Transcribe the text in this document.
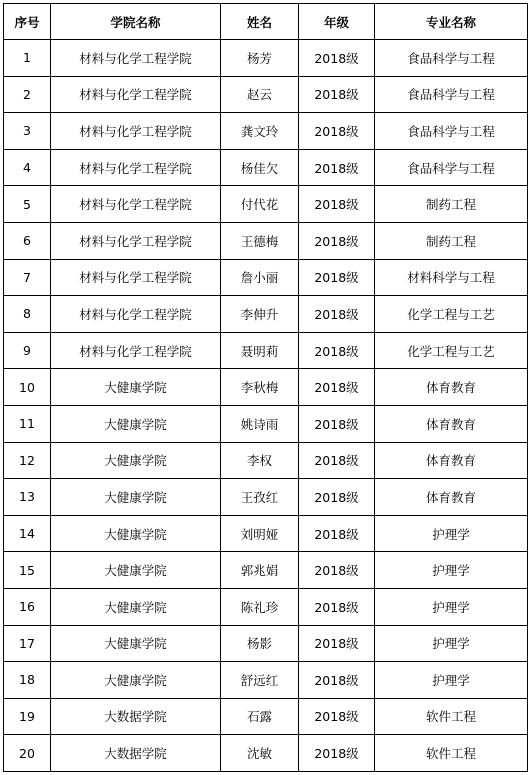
序号	学院名称	姓名	年级	专业名称
1	材料与化学工程学院	杨芳	2018级	食品科学与工程
2	材料与化学工程学院	赵云	2018级	食品科学与工程
3	材料与化学工程学院	龚文玲	2018级	食品科学与工程
4	材料与化学工程学院	杨佳欠	2018级	食品科学与工程
5	材料与化学工程学院	付代花	2018级	制药工程
6	材料与化学工程学院	王德梅	2018级	制药工程
7	材料与化学工程学院	詹小丽	2018级	材料科学与工程
8	材料与化学工程学院	李伸升	2018级	化学工程与工艺
9	材料与化学工程学院	聂明莉	2018级	化学工程与工艺
10	大健康学院	李秋梅	2018级	体育教育
11	大健康学院	姚诗雨	2018级	体育教育
12	大健康学院	李权	2018级	体育教育
13	大健康学院	王孜红	2018级	体育教育
14	大健康学院	刘明娅	2018级	护理学
15	大健康学院	郭兆娟	2018级	护理学
16	大健康学院	陈礼珍	2018级	护理学
17	大健康学院	杨影	2018级	护理学
18	大健康学院	舒远红	2018级	护理学
19	大数据学院	石露	2018级	软件工程
20	大数据学院	沈敏	2018级	软件工程
